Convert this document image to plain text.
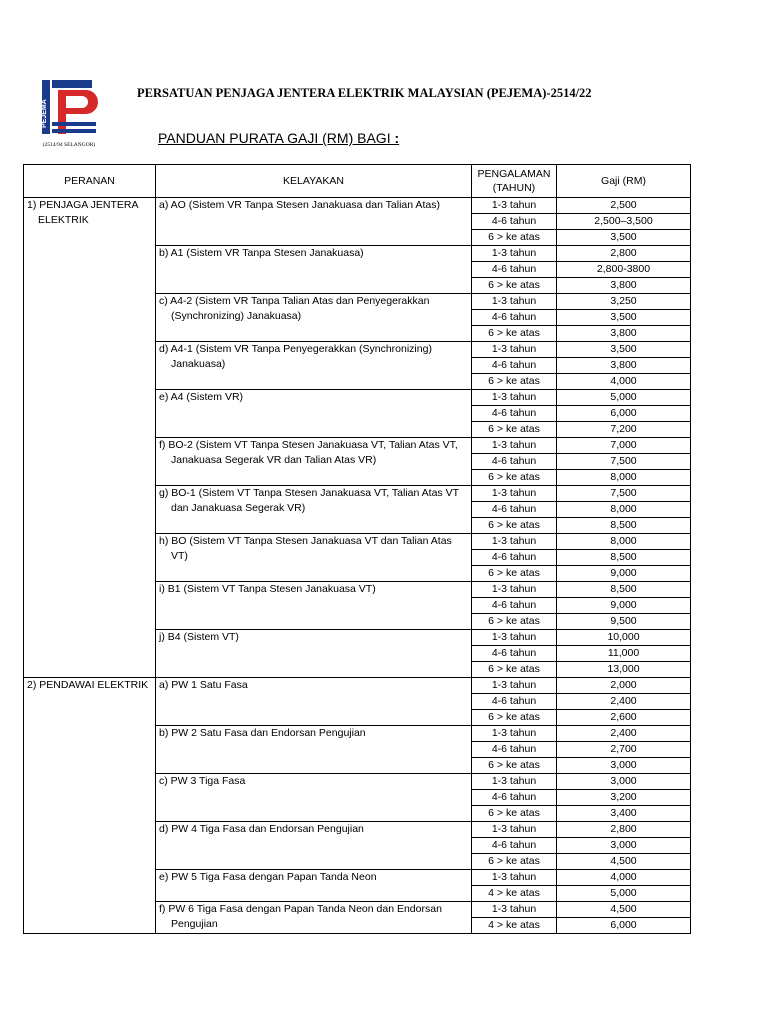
PEJEMA
(2514/94 SELANGOR)
PERSATUAN PENJAGA JENTERA ELEKTRIK MALAYSIAN (PEJEMA)-2514/22
PANDUAN PURATA GAJI (RM) BAGI :
PERANAN	KELAYAKAN	PENGALAMAN (TAHUN)	Gaji (RM)

1) PENJAGA JENTERA ELEKTRIK	a) AO (Sistem VR Tanpa Stesen Janakuasa dan Talian Atas)	1-3 tahun	2,500
		4-6 tahun	2,500–3,500
		6 > ke atas	3,500

	b) A1 (Sistem VR Tanpa Stesen Janakuasa)	1-3 tahun	2,800
		4-6 tahun	2,800-3800
		6 > ke atas	3,800

	c) A4-2 (Sistem VR Tanpa Talian Atas dan Penyegerakkan (Synchronizing) Janakuasa)	1-3 tahun	3,250
		4-6 tahun	3,500
		6 > ke atas	3,800

	d) A4-1 (Sistem VR Tanpa Penyegerakkan (Synchronizing) Janakuasa)	1-3 tahun	3,500
		4-6 tahun	3,800
		6 > ke atas	4,000

	e) A4 (Sistem VR)	1-3 tahun	5,000
		4-6 tahun	6,000
		6 > ke atas	7,200

	f) BO-2 (Sistem VT Tanpa Stesen Janakuasa VT, Talian Atas VT, Janakuasa Segerak VR dan Talian Atas VR)	1-3 tahun	7,000
		4-6 tahun	7,500
		6 > ke atas	8,000

	g) BO-1 (Sistem VT Tanpa Stesen Janakuasa VT, Talian Atas VT dan Janakuasa Segerak VR)	1-3 tahun	7,500
		4-6 tahun	8,000
		6 > ke atas	8,500

	h) BO (Sistem VT Tanpa Stesen Janakuasa VT dan Talian Atas VT)	1-3 tahun	8,000
		4-6 tahun	8,500
		6 > ke atas	9,000

	i) B1 (Sistem VT Tanpa Stesen Janakuasa VT)	1-3 tahun	8,500
		4-6 tahun	9,000
		6 > ke atas	9,500

	j) B4 (Sistem VT)	1-3 tahun	10,000
		4-6 tahun	11,000
		6 > ke atas	13,000

2) PENDAWAI ELEKTRIK	a) PW 1 Satu Fasa	1-3 tahun	2,000
		4-6 tahun	2,400
		6 > ke atas	2,600

	b) PW 2 Satu Fasa dan Endorsan Pengujian	1-3 tahun	2,400
		4-6 tahun	2,700
		6 > ke atas	3,000

	c) PW 3 Tiga Fasa	1-3 tahun	3,000
		4-6 tahun	3,200
		6 > ke atas	3,400

	d) PW 4 Tiga Fasa dan Endorsan Pengujian	1-3 tahun	2,800
		4-6 tahun	3,000
		6 > ke atas	4,500

	e) PW 5 Tiga Fasa dengan Papan Tanda Neon	1-3 tahun	4,000
		4 > ke atas	5,000

	f) PW 6 Tiga Fasa dengan Papan Tanda Neon dan Endorsan Pengujian	1-3 tahun	4,500
		4 > ke atas	6,000
